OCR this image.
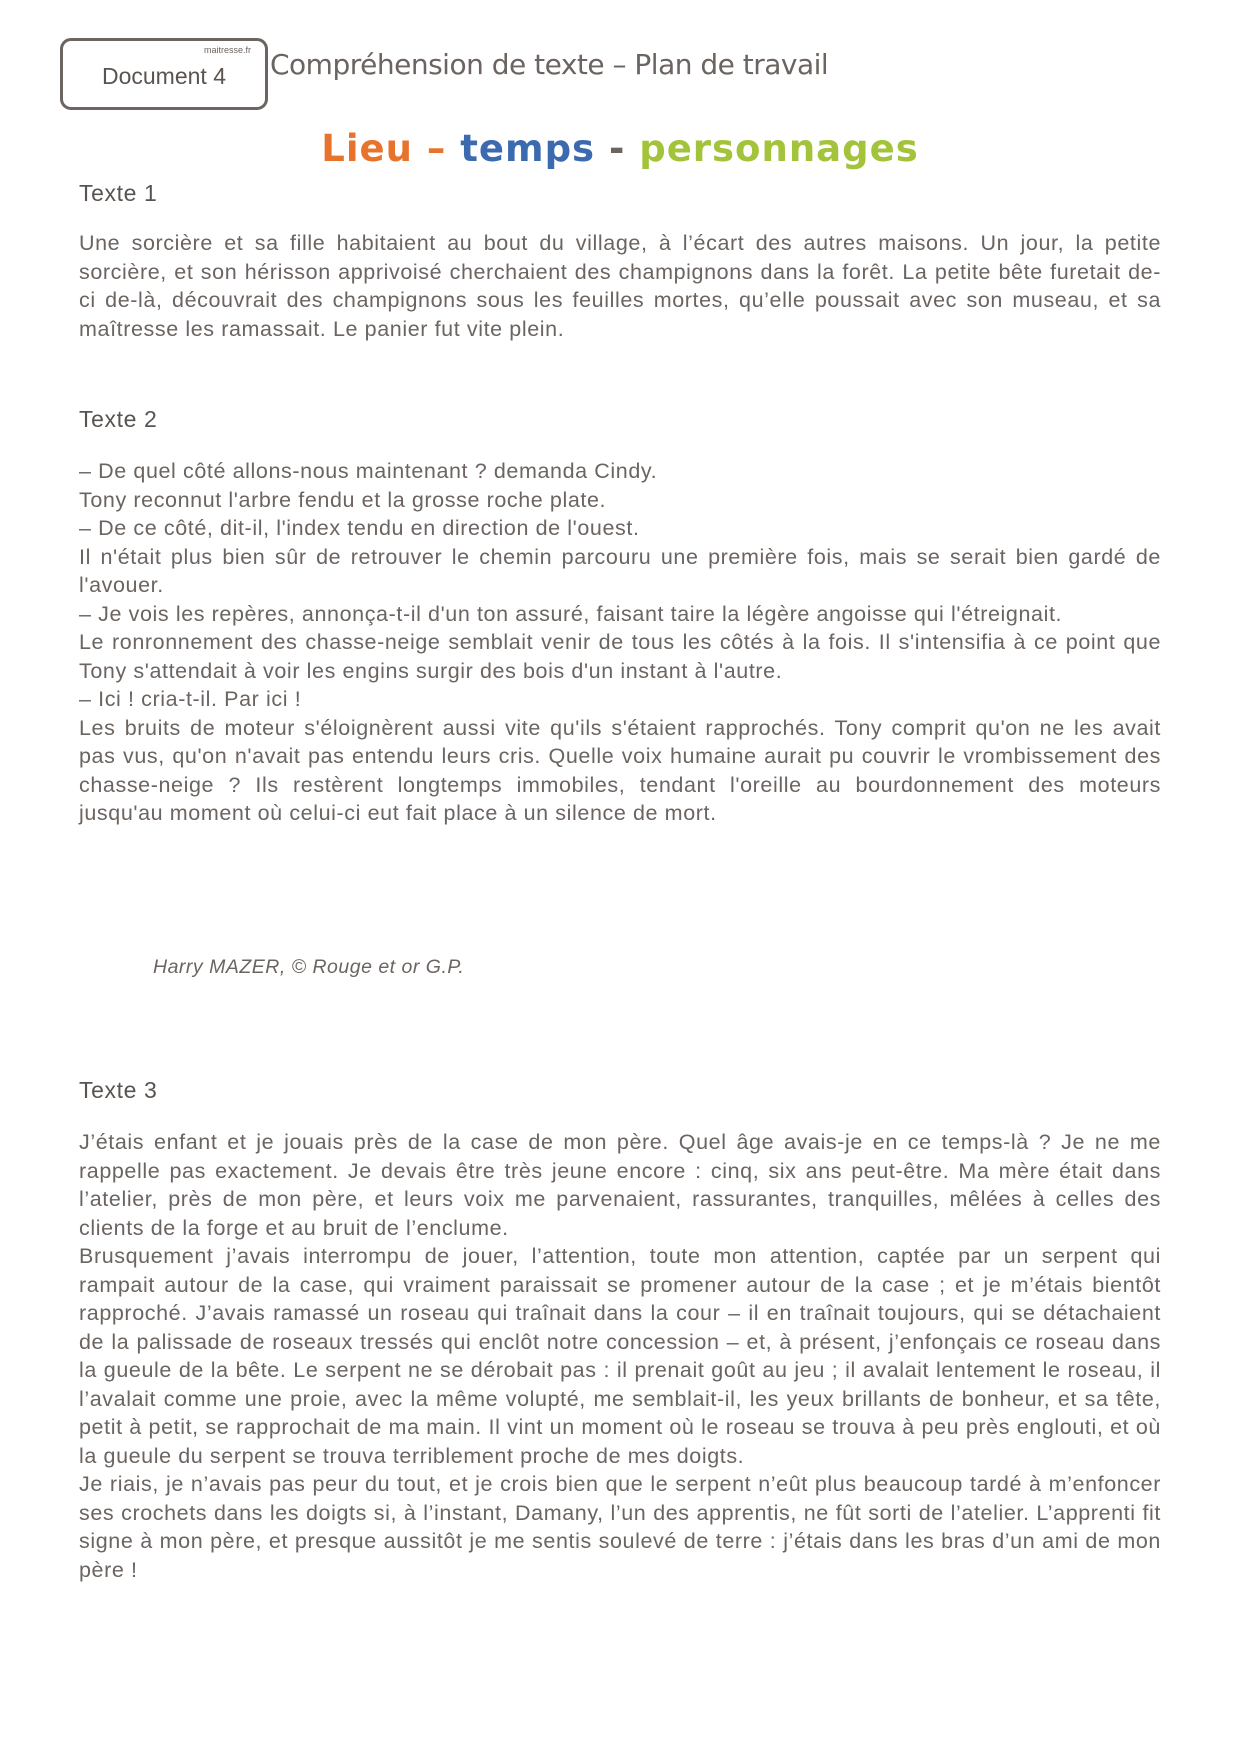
maitresse.fr
Document 4	Compréhension de texte – Plan de travail
Lieu – temps - personnages
Texte 1

Une sorcière et sa fille habitaient au bout du village, à l’écart des autres maisons. Un jour, la petite sorcière, et son hérisson apprivoisé cherchaient des champignons dans la forêt. La petite bête furetait de-ci de-là, découvrait des champignons sous les feuilles mortes, qu’elle poussait avec son museau, et sa maîtresse les ramassait. Le panier fut vite plein.

Texte 2

– De quel côté allons-nous maintenant ? demanda Cindy.

Tony reconnut l'arbre fendu et la grosse roche plate.

– De ce côté, dit-il, l'index tendu en direction de l'ouest.

Il n'était plus bien sûr de retrouver le chemin parcouru une première fois, mais se serait bien gardé de l'avouer.

– Je vois les repères, annonça-t-il d'un ton assuré, faisant taire la légère angoisse qui l'étreignait.

Le ronronnement des chasse-neige semblait venir de tous les côtés à la fois. Il s'intensifia à ce point que Tony s'attendait à voir les engins surgir des bois d'un instant à l'autre.

– Ici ! cria-t-il. Par ici !

Les bruits de moteur s'éloignèrent aussi vite qu'ils s'étaient rapprochés. Tony comprit qu'on ne les avait pas vus, qu'on n'avait pas entendu leurs cris. Quelle voix humaine aurait pu couvrir le vrombissement des chasse-neige ? Ils restèrent longtemps immobiles, tendant l'oreille au bourdonnement des moteurs jusqu'au moment où celui-ci eut fait place à un silence de mort.

Harry MAZER, © Rouge et or G.P.
Texte 3

J’étais enfant et je jouais près de la case de mon père. Quel âge avais-je en ce temps-là ? Je ne me rappelle pas exactement. Je devais être très jeune encore : cinq, six ans peut-être. Ma mère était dans l’atelier, près de mon père, et leurs voix me parvenaient, rassurantes, tranquilles, mêlées à celles des clients de la forge et au bruit de l’enclume.

Brusquement j’avais interrompu de jouer, l’attention, toute mon attention, captée par un serpent qui rampait autour de la case, qui vraiment paraissait se promener autour de la case ; et je m’étais bientôt rapproché. J’avais ramassé un roseau qui traînait dans la cour – il en traînait toujours, qui se détachaient de la palissade de roseaux tressés qui enclôt notre concession – et, à présent, j’enfonçais ce roseau dans la gueule de la bête. Le serpent ne se dérobait pas : il prenait goût au jeu ; il avalait lentement le roseau, il l’avalait comme une proie, avec la même volupté, me semblait-il, les yeux brillants de bonheur, et sa tête, petit à petit, se rapprochait de ma main. Il vint un moment où le roseau se trouva à peu près englouti, et où la gueule du serpent se trouva terriblement proche de mes doigts.

Je riais, je n’avais pas peur du tout, et je crois bien que le serpent n’eût plus beaucoup tardé à m’enfoncer ses crochets dans les doigts si, à l’instant, Damany, l’un des apprentis, ne fût sorti de l’atelier. L’apprenti fit signe à mon père, et presque aussitôt je me sentis soulevé de terre : j’étais dans les bras d’un ami de mon père !
